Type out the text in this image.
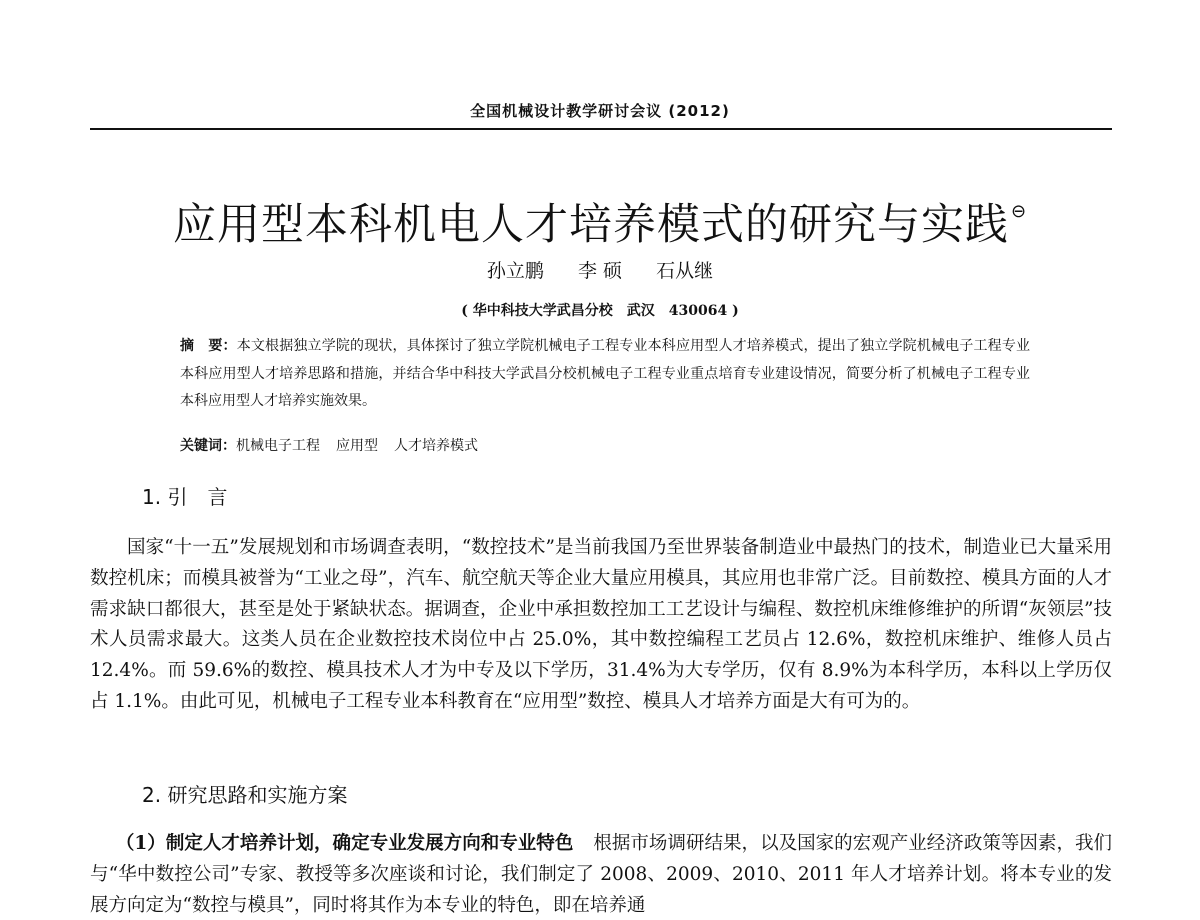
全国机械设计教学研讨会议 (2012)
应用型本科机电人才培养模式的研究与实践 ⊖
孙立鹏 李 硕 石从继
( 华中科技大学武昌分校　武汉　430064 )
摘　要：本文根据独立学院的现状，具体探讨了独立学院机械电子工程专业本科应用型人才培养模式，提出了独立学院机械电子工程专业本科应用型人才培养思路和措施，并结合华中科技大学武昌分校机械电子工程专业重点培育专业建设情况，简要分析了机械电子工程专业本科应用型人才培养实施效果。
关键词：机械电子工程 应用型 人才培养模式
1. 引　言

国家“十一五”发展规划和市场调查表明，“数控技术”是当前我国乃至世界装备制造业中最热门的技术，制造业已大量采用数控机床；而模具被誉为“工业之母”，汽车、航空航天等企业大量应用模具，其应用也非常广泛。目前数控、模具方面的人才需求缺口都很大，甚至是处于紧缺状态。据调查，企业中承担数控加工工艺设计与编程、数控机床维修维护的所谓“灰领层”技术人员需求最大。这类人员在企业数控技术岗位中占 25.0%，其中数控编程工艺员占 12.6%，数控机床维护、维修人员占 12.4%。而 59.6%的数控、模具技术人才为中专及以下学历，31.4%为大专学历，仅有 8.9%为本科学历，本科以上学历仅占 1.1%。由此可见，机械电子工程专业本科教育在“应用型”数控、模具人才培养方面是大有可为的。

2. 研究思路和实施方案

（1）制定人才培养计划，确定专业发展方向和专业特色 根据市场调研结果，以及国家的宏观产业经济政策等因素，我们与“华中数控公司”专家、教授等多次座谈和讨论，我们制定了 2008、2009、2010、2011 年人才培养计划。将本专业的发展方向定为“数控与模具”，同时将其作为本专业的特色，即在培养通
